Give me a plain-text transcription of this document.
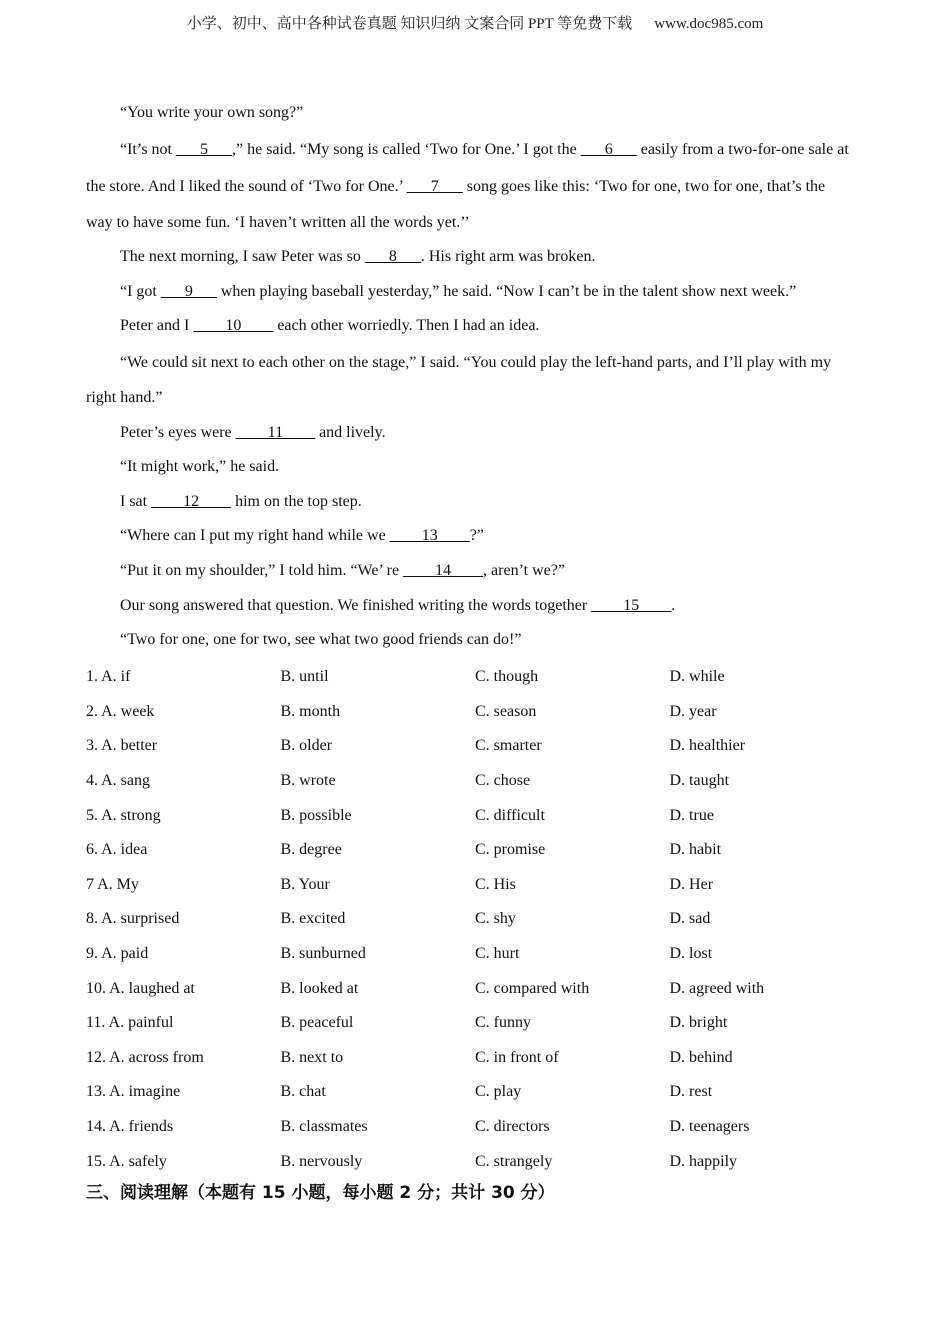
小学、初中、高中各种试卷真题 知识归纳 文案合同 PPT 等免费下载 www.doc985.com

“You write your own song?”

“It’s not ___5___,” he said. “My song is called ‘Two for One.’ I got the ___6___ easily from a two-for-one sale at

the store. And I liked the sound of ‘Two for One.’ ___7___ song goes like this: ‘Two for one, two for one, that’s the

way to have some fun. ‘I haven’t written all the words yet.’’

The next morning, I saw Peter was so ___8___. His right arm was broken.

“I got ___9___ when playing baseball yesterday,” he said. “Now I can’t be in the talent show next week.”

Peter and I ____10____ each other worriedly. Then I had an idea.

“We could sit next to each other on the stage,” I said. “You could play the left-hand parts, and I’ll play with my

right hand.”

Peter’s eyes were ____11____ and lively.

“It might work,” he said.

I sat ____12____ him on the top step.

“Where can I put my right hand while we ____13____?”

“Put it on my shoulder,” I told him. “We’ re ____14____, aren’t we?”

Our song answered that question. We finished writing the words together ____15____.

“Two for one, one for two, see what two good friends can do!”

1. A. if	B. until	C. though	D. while
2. A. week	B. month	C. season	D. year
3. A. better	B. older	C. smarter	D. healthier
4. A. sang	B. wrote	C. chose	D. taught
5. A. strong	B. possible	C. difficult	D. true
6. A. idea	B. degree	C. promise	D. habit
7 A. My	B. Your	C. His	D. Her
8. A. surprised	B. excited	C. shy	D. sad
9. A. paid	B. sunburned	C. hurt	D. lost
10. A. laughed at	B. looked at	C. compared with	D. agreed with
11. A. painful	B. peaceful	C. funny	D. bright
12. A. across from	B. next to	C. in front of	D. behind
13. A. imagine	B. chat	C. play	D. rest
14. A. friends	B. classmates	C. directors	D. teenagers
15. A. safely	B. nervously	C. strangely	D. happily
三、阅读理解（本题有 15 小题，每小题 2 分；共计 30 分）
